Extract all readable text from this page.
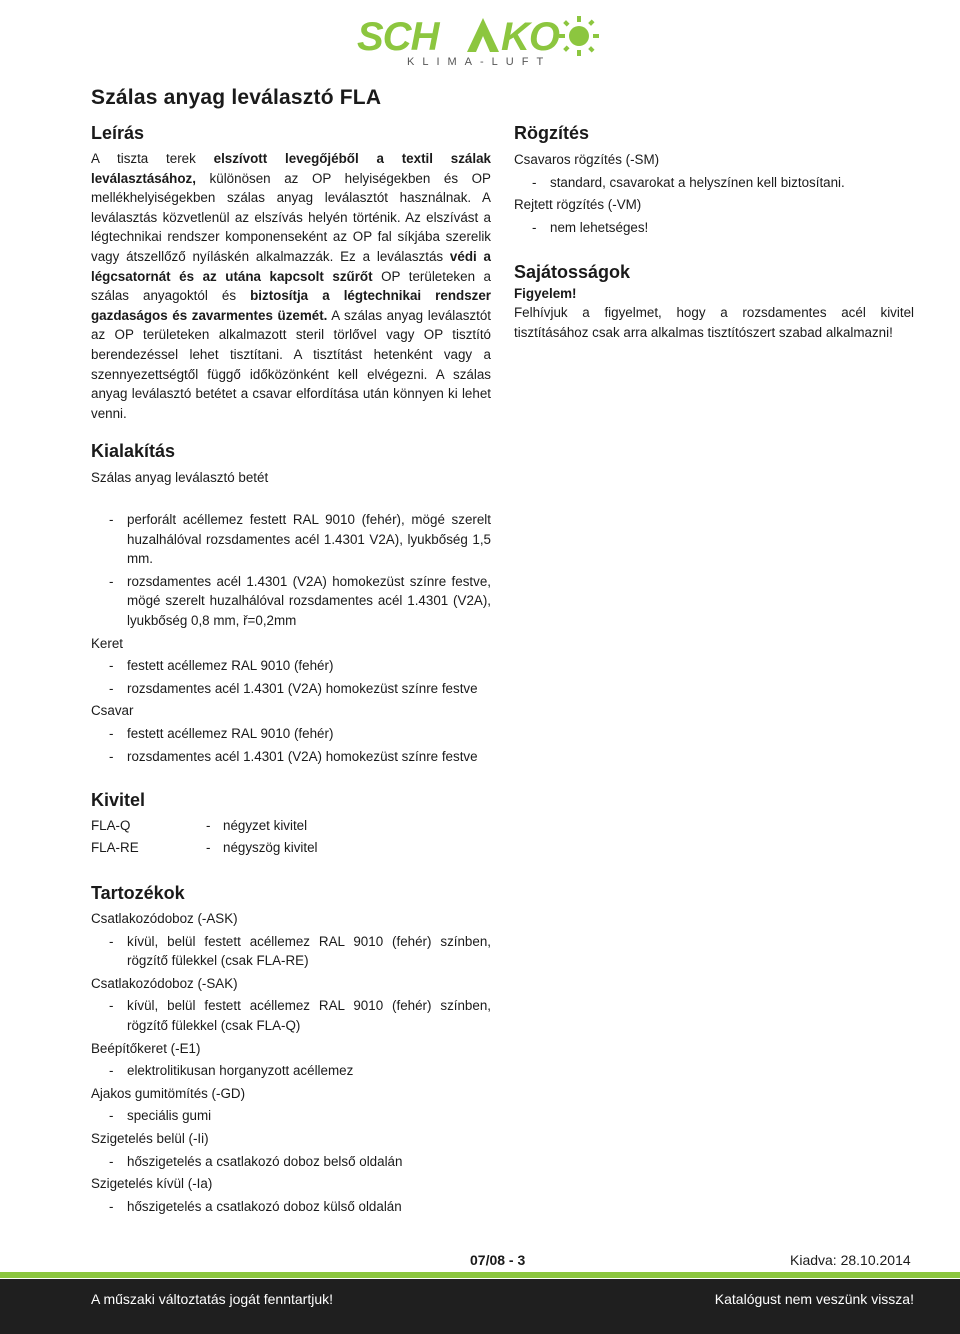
SCH KO
KLIMA-LUFT
Szálas anyag leválasztó FLA
Leírás
A tiszta terek elszívott levegőjéből a textil szálak leválasztásához, különösen az OP helyiségekben és OP mellékhelyiségekben szálas anyag leválasztót használnak. A leválasztás közvetlenül az elszívás helyén történik. Az elszívást a légtechnikai rendszer komponenseként az OP fal síkjába szerelik vagy átszellőző nyíláskén alkalmazzák. Ez a leválasztás védi a légcsatornát és az utána kapcsolt szűrőt OP területeken a szálas anyagoktól és biztosítja a légtechnikai rendszer gazdaságos és zavarmentes üzemét. A szálas anyag leválasztót az OP területeken alkalmazott steril törlővel vagy OP tisztító berendezéssel lehet tisztítani. A tisztítást hetenként vagy a szennyezettségtől függő időközönként kell elvégezni. A szálas anyag leválasztó betétet a csavar elfordítása után könnyen ki lehet venni.
Kialakítás
Szálas anyag leválasztó betét
-	perforált acéllemez festett RAL 9010 (fehér), mögé szerelt huzalhálóval rozsdamentes acél 1.4301 V2A), lyukbőség 1,5 mm.
-	rozsdamentes acél 1.4301 (V2A) homokezüst színre festve, mögé szerelt huzalhálóval rozsdamentes acél 1.4301 (V2A), lyukbőség 0,8 mm, ř=0,2mm
Keret
-	festett acéllemez RAL 9010 (fehér)
-	rozsdamentes acél 1.4301 (V2A) homokezüst színre festve
Csavar
-	festett acéllemez RAL 9010 (fehér)
-	rozsdamentes acél 1.4301 (V2A) homokezüst színre festve
Kivitel
FLA-Q	- négyzet kivitel
FLA-RE	- négyszög kivitel
Tartozékok
Csatlakozódoboz (-ASK)
-	kívül, belül festett acéllemez RAL 9010 (fehér) színben, rögzítő fülekkel (csak FLA-RE)
Csatlakozódoboz (-SAK)
-	kívül, belül festett acéllemez RAL 9010 (fehér) színben, rögzítő fülekkel (csak FLA-Q)
Beépítőkeret (-E1)
-	elektrolitikusan horganyzott acéllemez
Ajakos gumitömítés (-GD)
-	speciális gumi
Szigetelés belül (-Ii)
-	hőszigetelés a csatlakozó doboz belső oldalán
Szigetelés kívül (-Ia)
-	hőszigetelés a csatlakozó doboz külső oldalán
Rögzítés
Csavaros rögzítés (-SM)
-	standard, csavarokat a helyszínen kell biztosítani.
Rejtett rögzítés (-VM)
-	nem lehetséges!
Sajátosságok
Figyelem!
Felhívjuk a figyelmet, hogy a rozsdamentes acél kivitel tisztításához csak arra alkalmas tisztítószert szabad alkalmazni!
07/08 - 3	Kiadva: 28.10.2014
A műszaki változtatás jogát fenntartjuk!	Katalógust nem veszünk vissza!
